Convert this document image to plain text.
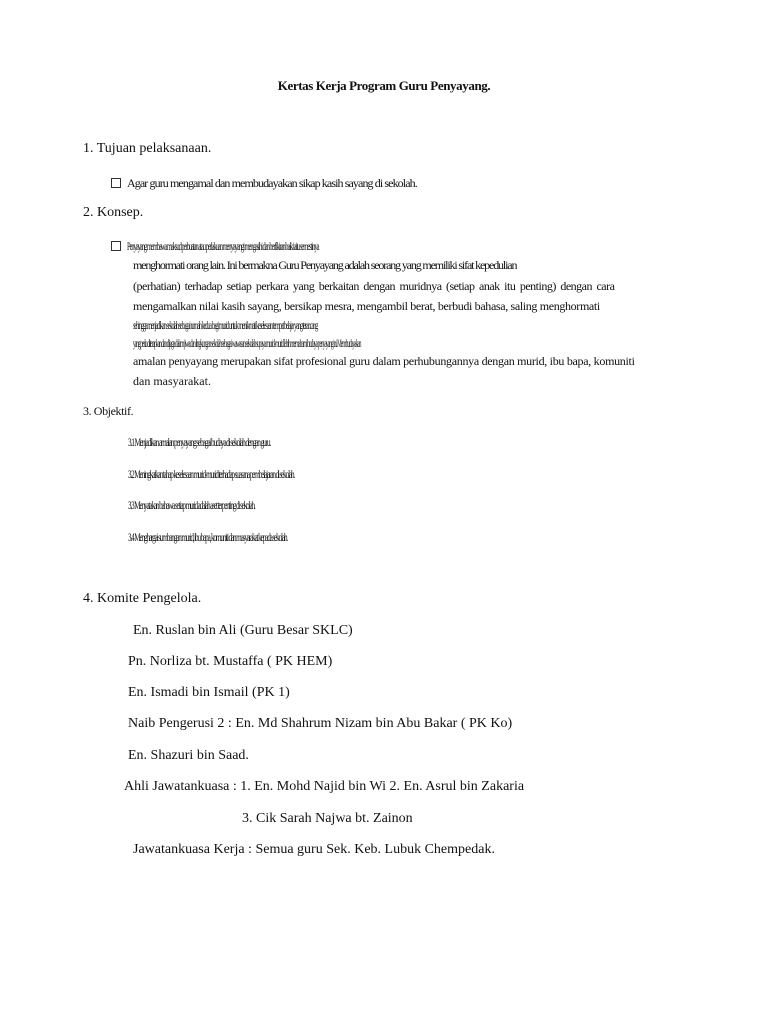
Kertas Kerja Program Guru Penyayang.
1. Tujuan pelaksanaan.
Agar guru mengamal dan membudayakan sikap kasih sayang di sekolah.
2. Konsep.
Penyayang membawa maksud perbuatan atau perlakuan menyayangi mengasihi dan berfikiran baik iaitu semestinya
menghormati orang lain. Ini bermakna Guru Penyayang adalah seorang yang memiliki sifat kepedulian
(perhatian) terhadap setiap perkara yang berkaitan dengan muridnya (setiap anak itu penting) dengan cara
mengamalkan nilai kasih sayang, bersikap mesra, mengambil berat, berbudi bahasa, saling menghormati
sehingga menjadikan sekolah sebagai rumah kedua bagi murid untuk menikmati keselesaan tempat belajar yang terancang
yang perlu diterapkan dan dijaga dalam jiwa dan lingkungan sekolah sebagai wawasan sekolah supaya murid-murid lebih memahami budaya penyayang ini. Membudayakan
amalan penyayang merupakan sifat profesional guru dalam perhubungannya dengan murid, ibu bapa, komuniti
dan masyarakat.
3. Objektif.
3.1 Menjadikan amalan penyayang sebagai budaya di sekolah dengan guru.
3.2 Meningkatkan tahap keselesaan murid-murid terhadap suasana pembelajaran di sekolah.
3.3 Menyatakan bahawa setiap murid adalah aset terpenting di sekolah.
3.4 Menghargai sumbangan murid, ibu bapa, komuniti dan masyarakat kepada sekolah.
4. Komite Pengelola.
En. Ruslan bin Ali (Guru Besar SKLC)
Pn. Norliza bt. Mustaffa ( PK HEM)
En. Ismadi bin Ismail (PK 1)
Naib Pengerusi 2 : En. Md Shahrum Nizam bin Abu Bakar ( PK Ko)
En. Shazuri bin Saad.
Ahli Jawatankuasa : 1. En. Mohd Najid bin Wi 2. En. Asrul bin Zakaria
3. Cik Sarah Najwa bt. Zainon
Jawatankuasa Kerja : Semua guru Sek. Keb. Lubuk Chempedak.
